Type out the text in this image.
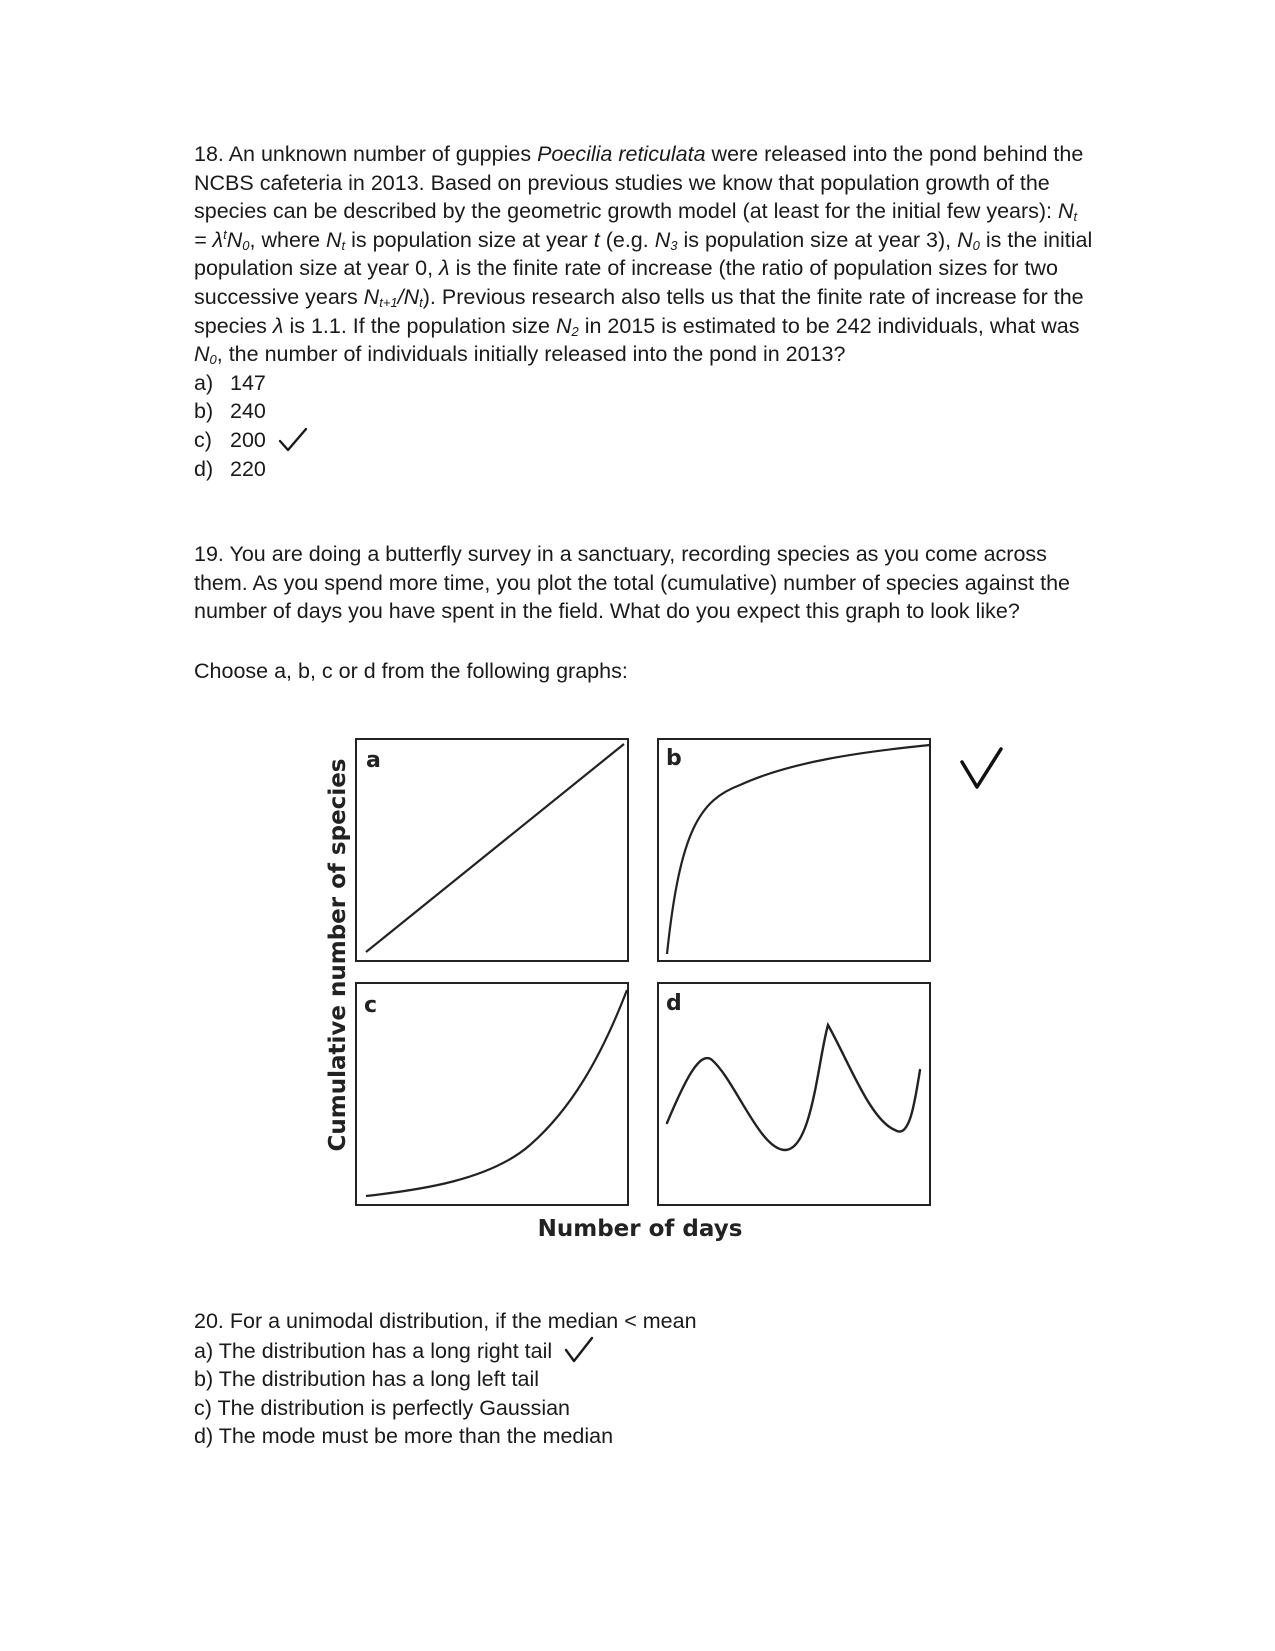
18. An unknown number of guppies Poecilia reticulata were released into the pond behind the NCBS cafeteria in 2013. Based on previous studies we know that population growth of the species can be described by the geometric growth model (at least for the initial few years): $N_t = \lambda^tN_0$, where $N_t$ is population size at year t (e.g. $N_3$ is population size at year 3), $N_0$ is the initial population size at year 0, λ is the finite rate of increase (the ratio of population sizes for two successive years $N_{t+1}/N_t$). Previous research also tells us that the finite rate of increase for the species λ is 1.1. If the population size $N_2$ in 2015 is estimated to be 242 individuals, what was $N_0$, the number of individuals initially released into the pond in 2013?

a) 147
b) 240
c) 200
d) 220

19. You are doing a butterfly survey in a sanctuary, recording species as you come across them. As you spend more time, you plot the total (cumulative) number of species against the number of days you have spent in the field. What do you expect this graph to look like?

Choose a, b, c or d from the following graphs:

a	b
c	d
Cumulative number of species
Number of days

20. For a unimodal distribution, if the median < mean

a) The distribution has a long right tail
b) The distribution has a long left tail
c) The distribution is perfectly Gaussian
d) The mode must be more than the median
